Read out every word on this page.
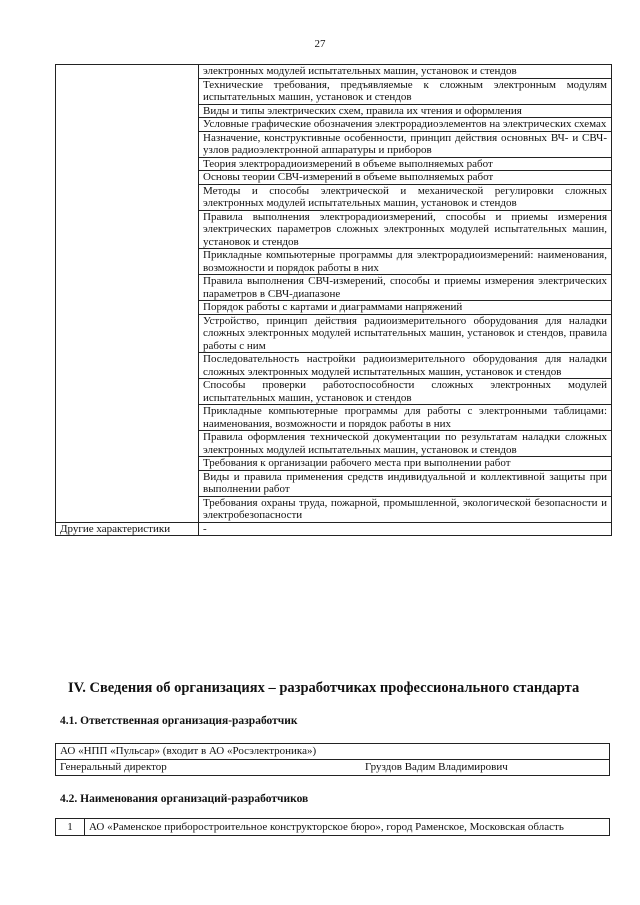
27
	электронных модулей испытательных машин, установок и стендов
	Технические требования, предъявляемые к сложным электронным модулям испытательных машин, установок и стендов
	Виды и типы электрических схем, правила их чтения и оформления
	Условные графические обозначения электрорадиоэлементов на электрических схемах
	Назначение, конструктивные особенности, принцип действия основных ВЧ- и СВЧ-узлов радиоэлектронной аппаратуры и приборов
	Теория электрорадиоизмерений в объеме выполняемых работ
	Основы теории СВЧ-измерений в объеме выполняемых работ
	Методы и способы электрической и механической регулировки сложных электронных модулей испытательных машин, установок и стендов
	Правила выполнения электрорадиоизмерений, способы и приемы измерения электрических параметров сложных электронных модулей испытательных машин, установок и стендов
	Прикладные компьютерные программы для электрорадиоизмерений: наименования, возможности и порядок работы в них
	Правила выполнения СВЧ-измерений, способы и приемы измерения электрических параметров в СВЧ-диапазоне
	Порядок работы с картами и диаграммами напряжений
	Устройство, принцип действия радиоизмерительного оборудования для наладки сложных электронных модулей испытательных машин, установок и стендов, правила работы с ним
	Последовательность настройки радиоизмерительного оборудования для наладки сложных электронных модулей испытательных машин, установок и стендов
	Способы проверки работоспособности сложных электронных модулей испытательных машин, установок и стендов
	Прикладные компьютерные программы для работы с электронными таблицами: наименования, возможности и порядок работы в них
	Правила оформления технической документации по результатам наладки сложных электронных модулей испытательных машин, установок и стендов
	Требования к организации рабочего места при выполнении работ
	Виды и правила применения средств индивидуальной и коллективной защиты при выполнении работ
	Требования охраны труда, пожарной, промышленной, экологической безопасности и электробезопасности
Другие характеристики	-
IV. Сведения об организациях – разработчиках профессионального стандарта
4.1. Ответственная организация-разработчик
АО «НПП «Пульсар» (входит в АО «Росэлектроника»)
Генеральный директор	Груздов Вадим Владимирович
4.2. Наименования организаций-разработчиков
1	АО «Раменское приборостроительное конструкторское бюро», город Раменское, Московская область
